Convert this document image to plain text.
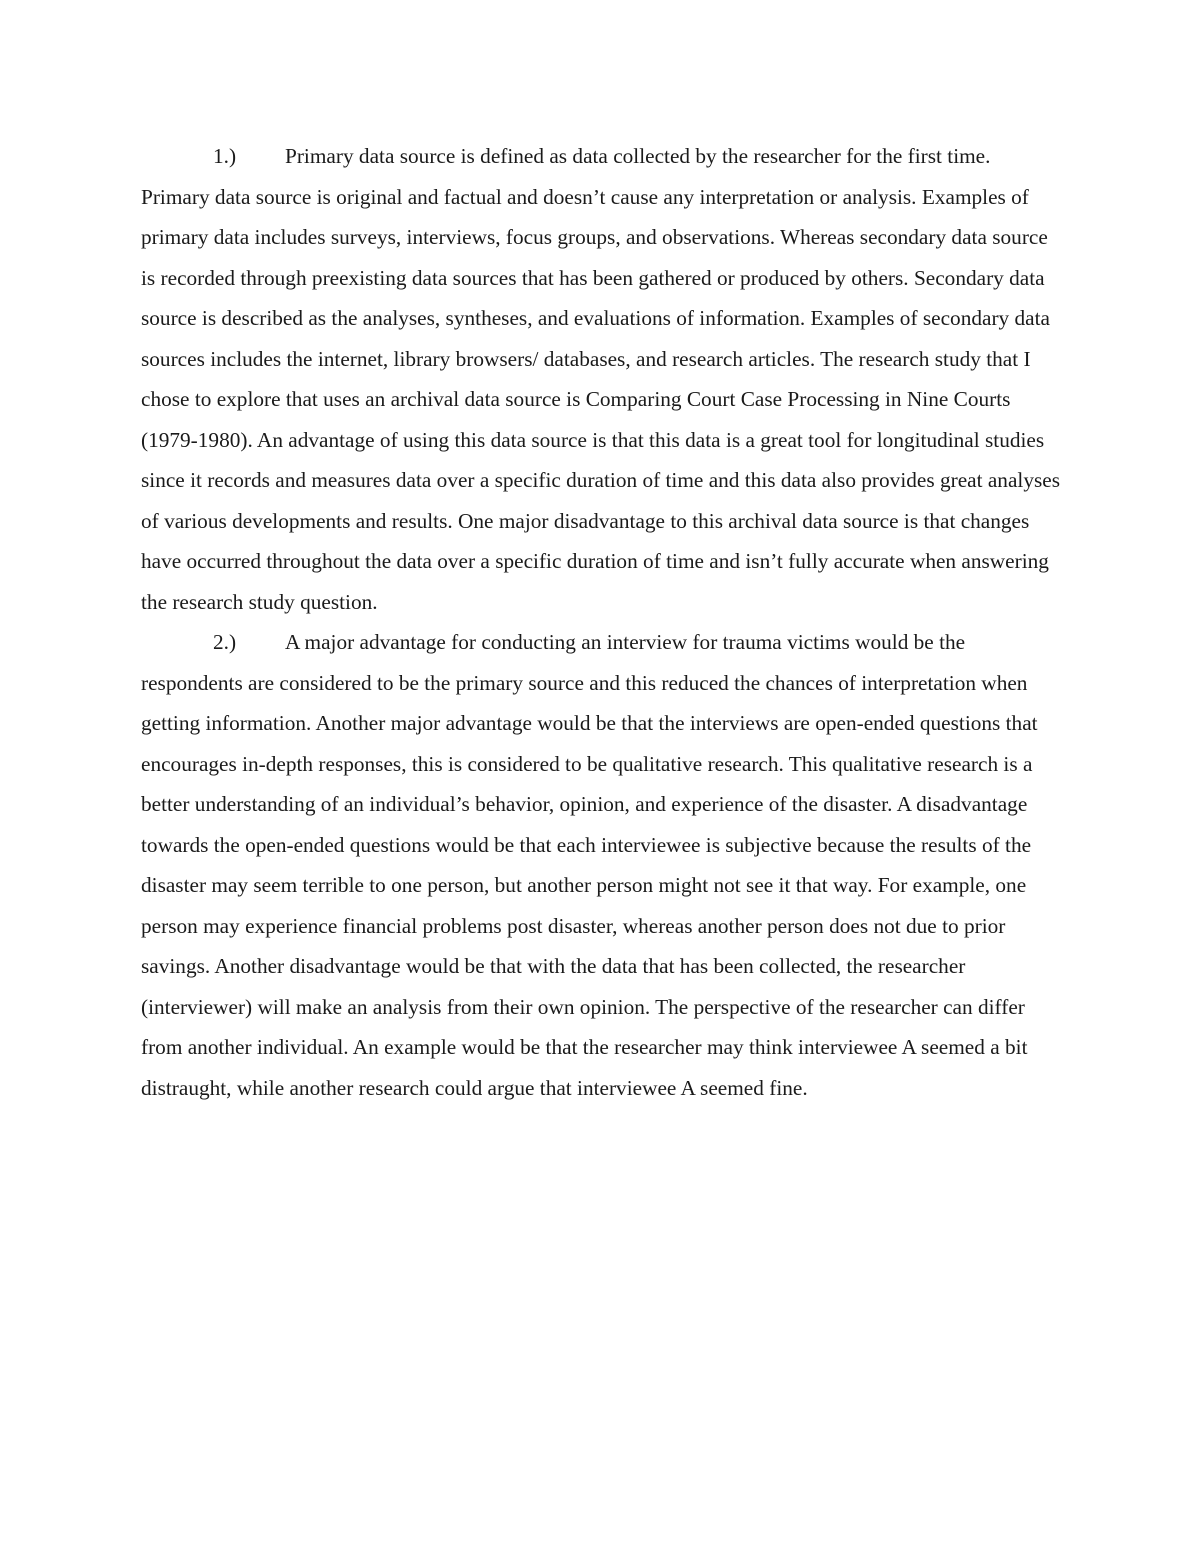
1.) Primary data source is defined as data collected by the researcher for the first time. Primary data source is original and factual and doesn’t cause any interpretation or analysis. Examples of primary data includes surveys, interviews, focus groups, and observations. Whereas secondary data source is recorded through preexisting data sources that has been gathered or produced by others. Secondary data source is described as the analyses, syntheses, and evaluations of information. Examples of secondary data sources includes the internet, library browsers/ databases, and research articles. The research study that I chose to explore that uses an archival data source is Comparing Court Case Processing in Nine Courts (1979-1980). An advantage of using this data source is that this data is a great tool for longitudinal studies since it records and measures data over a specific duration of time and this data also provides great analyses of various developments and results. One major disadvantage to this archival data source is that changes have occurred throughout the data over a specific duration of time and isn’t fully accurate when answering the research study question.

2.) A major advantage for conducting an interview for trauma victims would be the respondents are considered to be the primary source and this reduced the chances of interpretation when getting information. Another major advantage would be that the interviews are open-ended questions that encourages in-depth responses, this is considered to be qualitative research. This qualitative research is a better understanding of an individual’s behavior, opinion, and experience of the disaster. A disadvantage towards the open-ended questions would be that each interviewee is subjective because the results of the disaster may seem terrible to one person, but another person might not see it that way. For example, one person may experience financial problems post disaster, whereas another person does not due to prior savings. Another disadvantage would be that with the data that has been collected, the researcher (interviewer) will make an analysis from their own opinion. The perspective of the researcher can differ from another individual. An example would be that the researcher may think interviewee A seemed a bit distraught, while another research could argue that interviewee A seemed fine.
